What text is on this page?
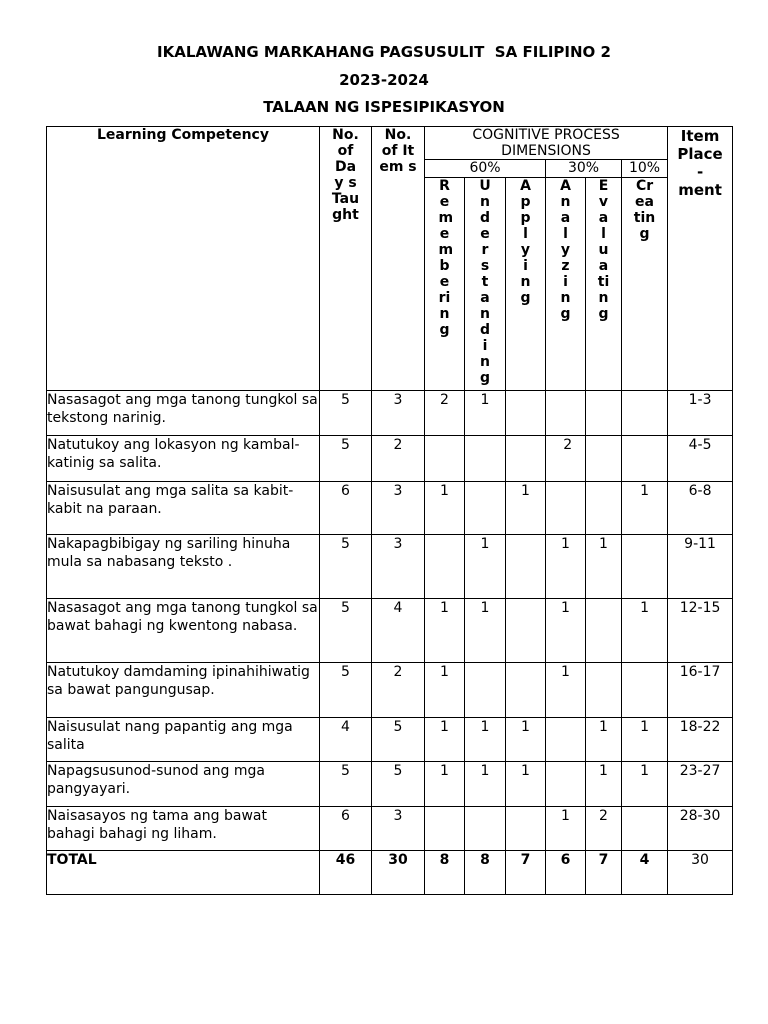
IKALAWANG MARKAHANG PAGSUSULIT  SA FILIPINO 2
2023-2024
TALAAN NG ISPESIPIKASYON
Learning Competency	No. of Day s Tau ght	No. of Item s	COGNITIVE PROCESS DIMENSIONS						Item
Place
-
ment

			60%			30%		10%	

			Remembering	Understanding	Applying	Analyzing	Evaluating	Creating	

Nasasagot ang mga tanong tungkol sa tekstong narinig.	5	3	2	1					1-3
Natutukoy ang lokasyon ng kambal-katinig sa salita.	5	2				2			4-5
Naisusulat ang mga salita sa kabit-kabit na paraan.	6	3	1		1			1	6-8
Nakapagbibigay ng sariling hinuha mula sa nabasang teksto .	5	3		1		1	1		9-11
Nasasagot ang mga tanong tungkol sa bawat bahagi ng kwentong nabasa.	5	4	1	1		1		1	12-15
Natutukoy damdaming ipinahihiwatig sa bawat pangungusap.	5	2	1			1			16-17
Naisusulat nang papantig ang mga salita	4	5	1	1	1		1	1	18-22
Napagsusunod-sunod ang mga pangyayari.	5	5	1	1	1		1	1	23-27
Naisasayos ng tama ang bawat bahagi bahagi ng liham.	6	3				1	2		28-30
TOTAL	46	30	8	8	7	6	7	4	30
